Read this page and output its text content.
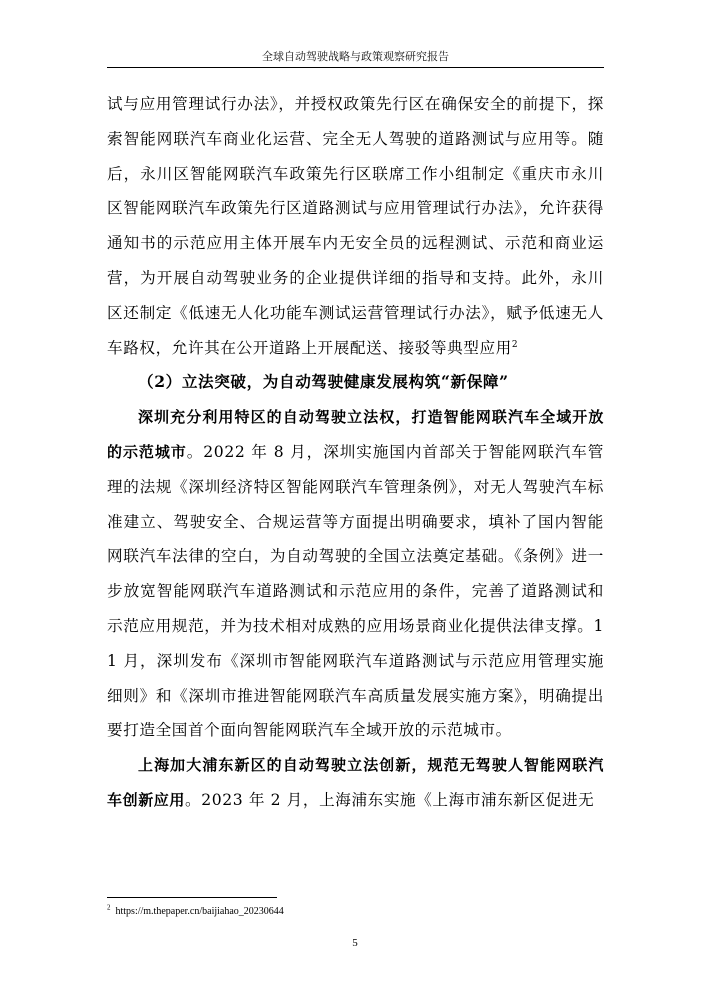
全球自动驾驶战略与政策观察研究报告

试与应用管理试行办法》，并授权政策先行区在确保安全的前提下，探索智能网联汽车商业化运营、完全无人驾驶的道路测试与应用等。随后，永川区智能网联汽车政策先行区联席工作小组制定《重庆市永川区智能网联汽车政策先行区道路测试与应用管理试行办法》，允许获得通知书的示范应用主体开展车内无安全员的远程测试、示范和商业运营，为开展自动驾驶业务的企业提供详细的指导和支持。此外，永川区还制定《低速无人化功能车测试运营管理试行办法》，赋予低速无人车路权，允许其在公开道路上开展配送、接驳等典型应用$^2$

（2）立法突破，为自动驾驶健康发展构筑“新保障”

深圳充分利用特区的自动驾驶立法权，打造智能网联汽车全域开放的示范城市。2022 年 8 月，深圳实施国内首部关于智能网联汽车管理的法规《深圳经济特区智能网联汽车管理条例》，对无人驾驶汽车标准建立、驾驶安全、合规运营等方面提出明确要求，填补了国内智能网联汽车法律的空白，为自动驾驶的全国立法奠定基础。《条例》进一步放宽智能网联汽车道路测试和示范应用的条件，完善了道路测试和示范应用规范，并为技术相对成熟的应用场景商业化提供法律支撑。11 月，深圳发布《深圳市智能网联汽车道路测试与示范应用管理实施细则》和《深圳市推进智能网联汽车高质量发展实施方案》，明确提出要打造全国首个面向智能网联汽车全域开放的示范城市。

上海加大浦东新区的自动驾驶立法创新，规范无驾驶人智能网联汽车创新应用。2023 年 2 月，上海浦东实施《上海市浦东新区促进无

$^2$ https://m.thepaper.cn/baijiahao_20230644
5
